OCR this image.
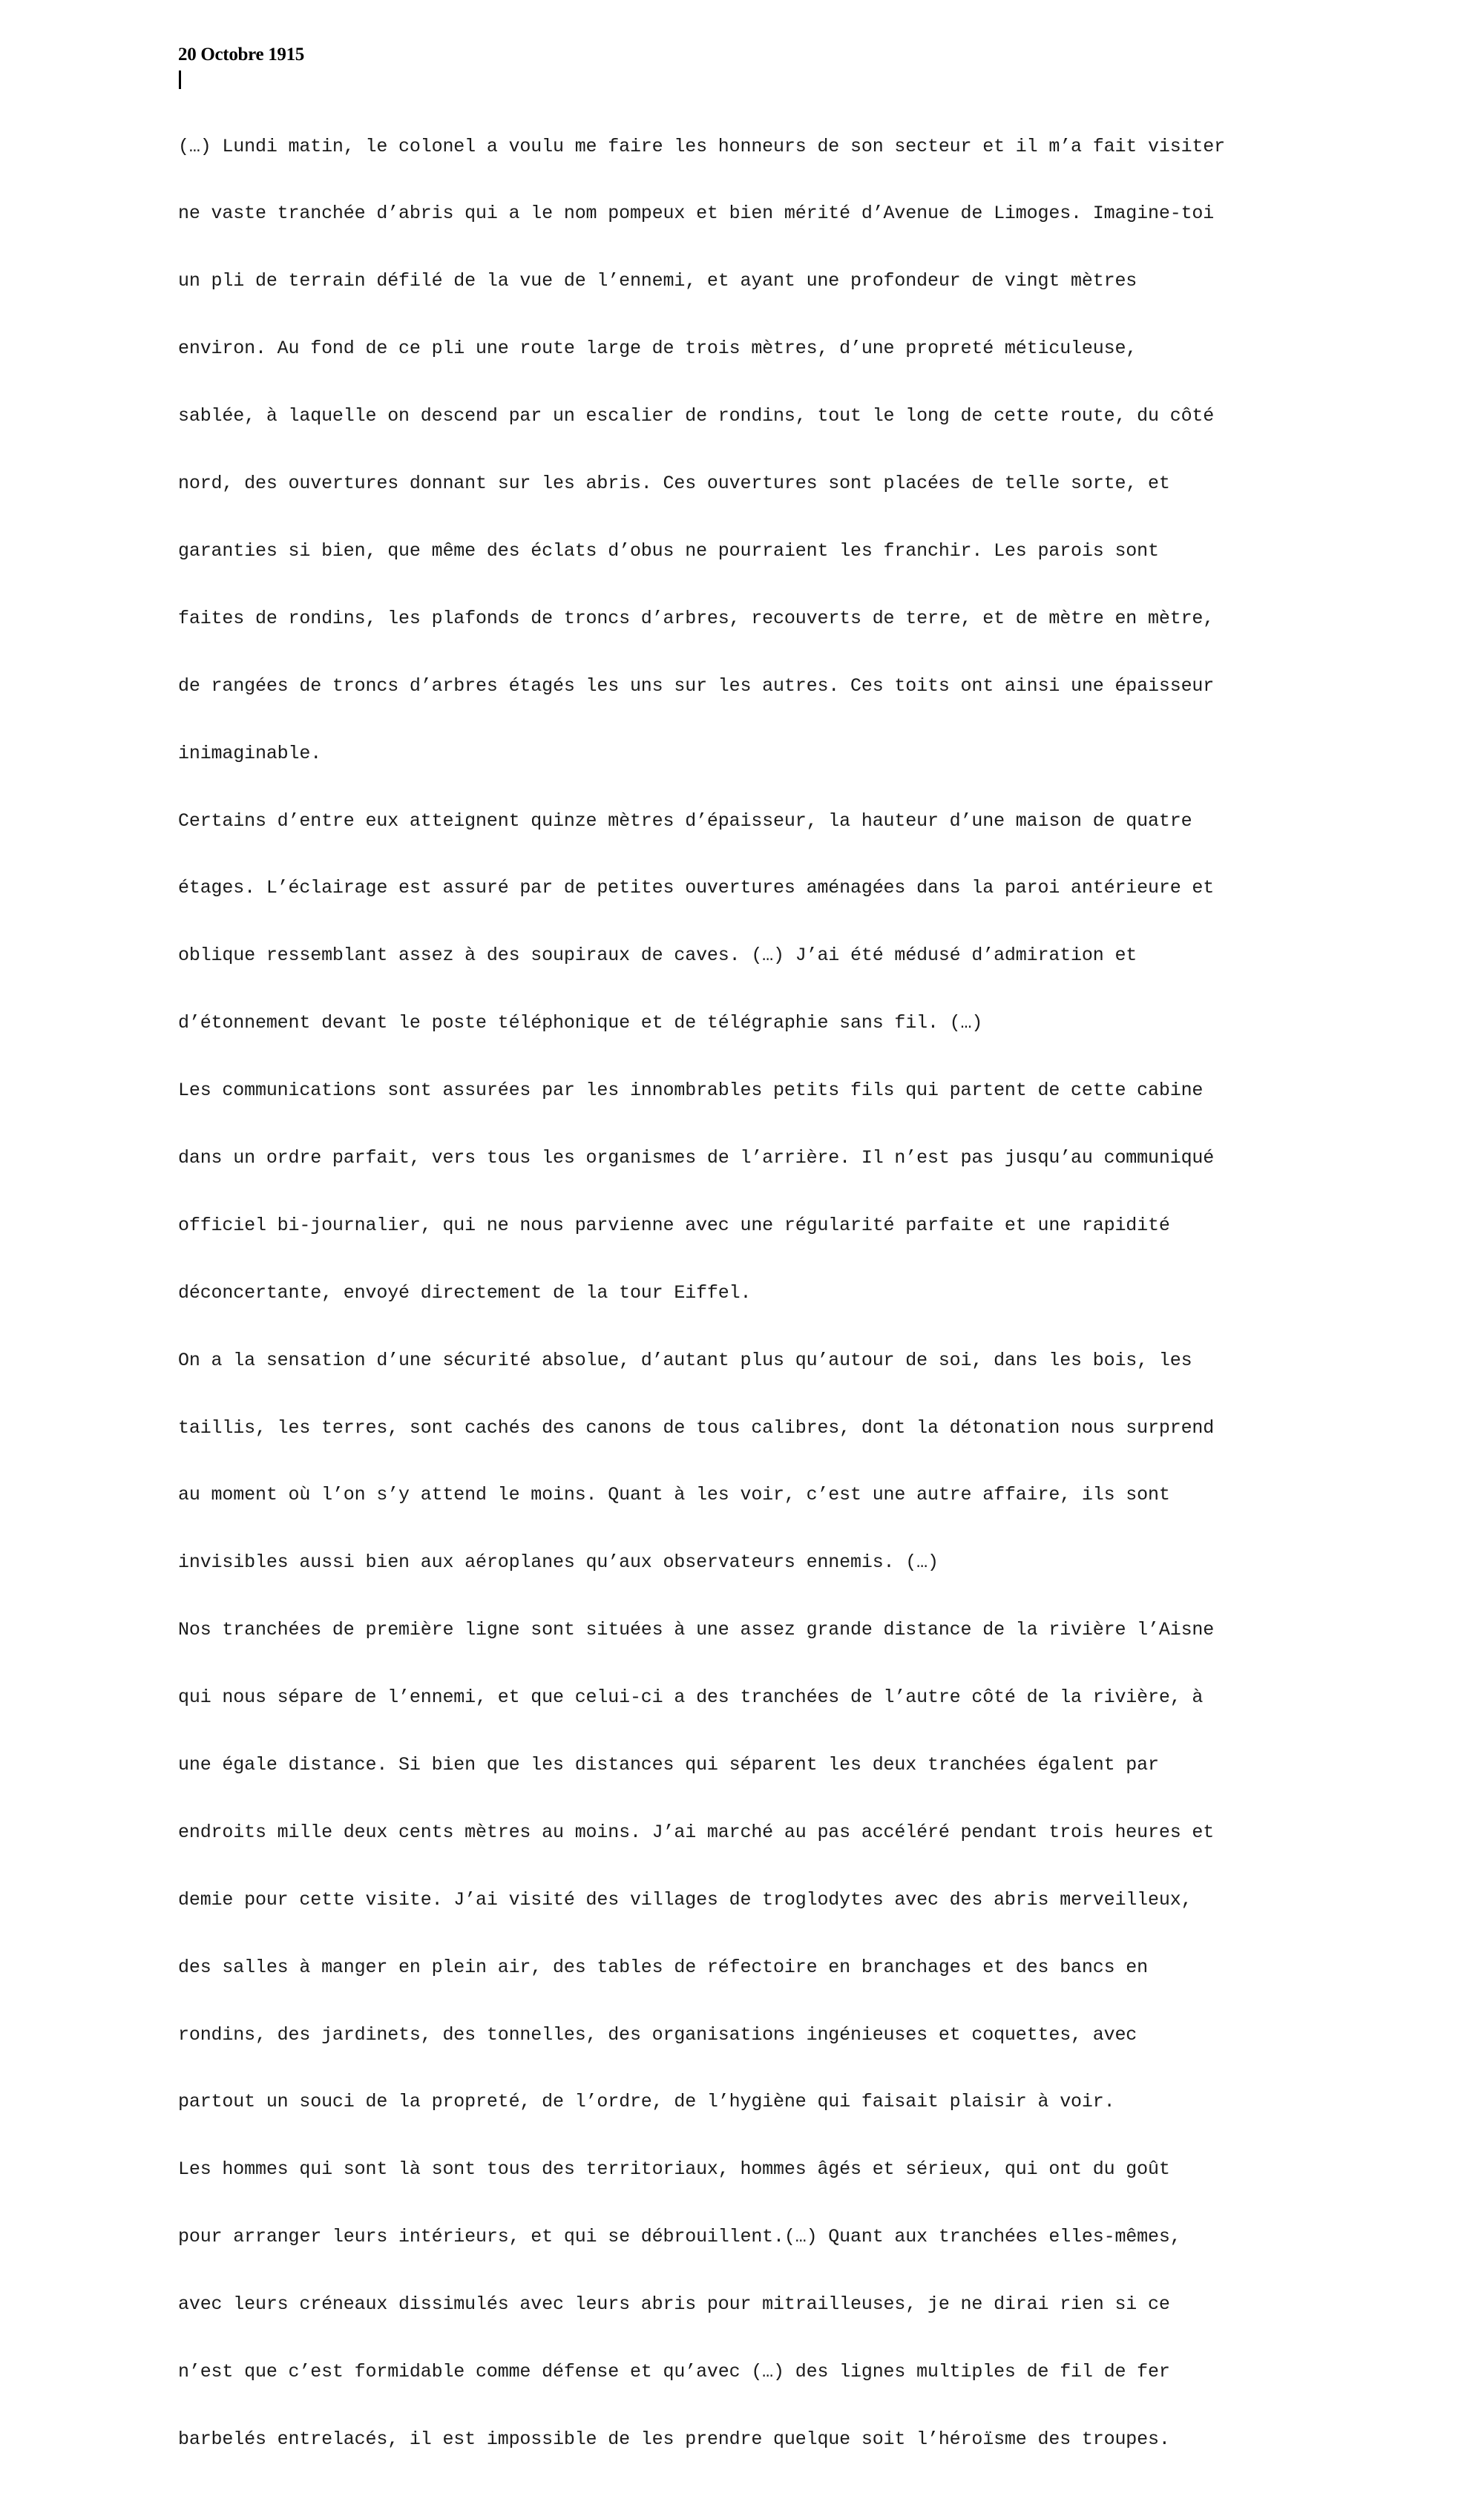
20 Octobre 1915

(…) Lundi matin, le colonel a voulu me faire les honneurs de son secteur et il m’a fait visiter

ne vaste tranchée d’abris qui a le nom pompeux et bien mérité d’Avenue de Limoges. Imagine-toi

un pli de terrain défilé de la vue de l’ennemi, et ayant une profondeur de vingt mètres

environ. Au fond de ce pli une route large de trois mètres, d’une propreté méticuleuse,

sablée, à laquelle on descend par un escalier de rondins, tout le long de cette route, du côté

nord, des ouvertures donnant sur les abris. Ces ouvertures sont placées de telle sorte, et

garanties si bien, que même des éclats d’obus ne pourraient les franchir. Les parois sont

faites de rondins, les plafonds de troncs d’arbres, recouverts de terre, et de mètre en mètre,

de rangées de troncs d’arbres étagés les uns sur les autres. Ces toits ont ainsi une épaisseur

inimaginable.

Certains d’entre eux atteignent quinze mètres d’épaisseur, la hauteur d’une maison de quatre

étages. L’éclairage est assuré par de petites ouvertures aménagées dans la paroi antérieure et

oblique ressemblant assez à des soupiraux de caves. (…) J’ai été médusé d’admiration et

d’étonnement devant le poste téléphonique et de télégraphie sans fil. (…)

Les communications sont assurées par les innombrables petits fils qui partent de cette cabine

dans un ordre parfait, vers tous les organismes de l’arrière. Il n’est pas jusqu’au communiqué

officiel bi-journalier, qui ne nous parvienne avec une régularité parfaite et une rapidité

déconcertante, envoyé directement de la tour Eiffel.

On a la sensation d’une sécurité absolue, d’autant plus qu’autour de soi, dans les bois, les

taillis, les terres, sont cachés des canons de tous calibres, dont la détonation nous surprend

au moment où l’on s’y attend le moins. Quant à les voir, c’est une autre affaire, ils sont

invisibles aussi bien aux aéroplanes qu’aux observateurs ennemis. (…)

Nos tranchées de première ligne sont situées à une assez grande distance de la rivière l’Aisne

qui nous sépare de l’ennemi, et que celui-ci a des tranchées de l’autre côté de la rivière, à

une égale distance. Si bien que les distances qui séparent les deux tranchées égalent par

endroits mille deux cents mètres au moins. J’ai marché au pas accéléré pendant trois heures et

demie pour cette visite. J’ai visité des villages de troglodytes avec des abris merveilleux,

des salles à manger en plein air, des tables de réfectoire en branchages et des bancs en

rondins, des jardinets, des tonnelles, des organisations ingénieuses et coquettes, avec

partout un souci de la propreté, de l’ordre, de l’hygiène qui faisait plaisir à voir.

Les hommes qui sont là sont tous des territoriaux, hommes âgés et sérieux, qui ont du goût

pour arranger leurs intérieurs, et qui se débrouillent.(…) Quant aux tranchées elles-mêmes,

avec leurs créneaux dissimulés avec leurs abris pour mitrailleuses, je ne dirai rien si ce

n’est que c’est formidable comme défense et qu’avec (…) des lignes multiples de fil de fer

barbelés entrelacés, il est impossible de les prendre quelque soit l’héroïsme des troupes.
